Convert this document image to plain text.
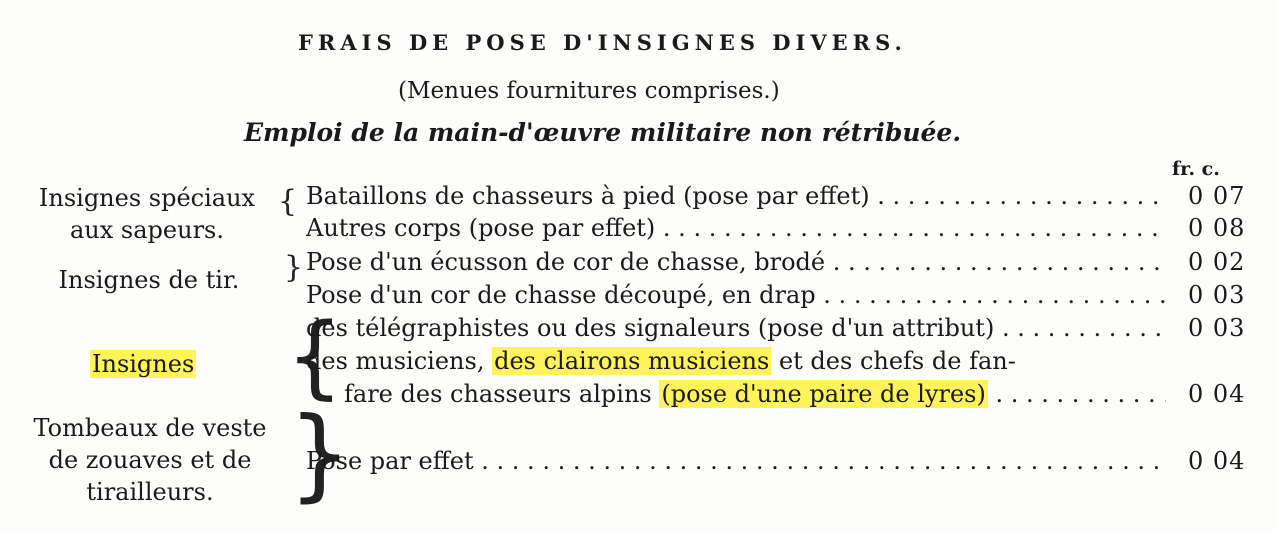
FRAIS DE POSE D'INSIGNES DIVERS.
(Menues fournitures comprises.)
Emploi de la main-d'œuvre militaire non rétribuée.
fr. c.
Insignes spéciaux
aux sapeurs.
{ Bataillons de chasseurs à pied (pose par effet) . . .	0 07
Autres corps (pose par effet) . . .	0 08
Insignes de tir.	} Pose d'un écusson de cor de chasse, brodé . . .	0 02
Pose d'un cor de chasse découpé, en drap . . .	0 03
Insignes {
des télégraphistes ou des signaleurs (pose d'un attribut) . . .	0 03
des musiciens, des clairons musiciens et des chefs de fan-
fare des chasseurs alpins (pose d'une paire de lyres) . . .	0 04
Tombeaux de veste
de zouaves et de
tirailleurs. }
Pose par effet . . .	0 04
